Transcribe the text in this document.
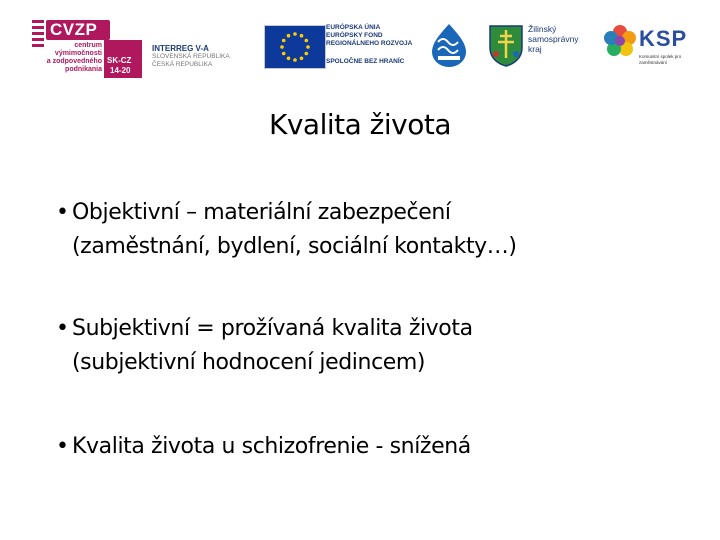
CVZP
centrum
výmimočnosti
a zodpovedného
podnikania
SK-CZ
14-20
INTERREG V-A
SLOVENSKÁ REPUBLIKA
ČESKÁ REPUBLIKA
EURÓPSKA ÚNIA
EURÓPSKY FOND
REGIONÁLNEHO ROZVOJA
SPOLOČNE BEZ HRANÍC
Žilinský
samosprávny
kraj	KSP
Komunitní spolek pro zaměstnávání
Kvalita života
• Objektivní – materiální zabezpečení
(zaměstnání, bydlení, sociální kontakty…)
• Subjektivní = prožívaná kvalita života
(subjektivní hodnocení jedincem)
• Kvalita života u schizofrenie - snížená
